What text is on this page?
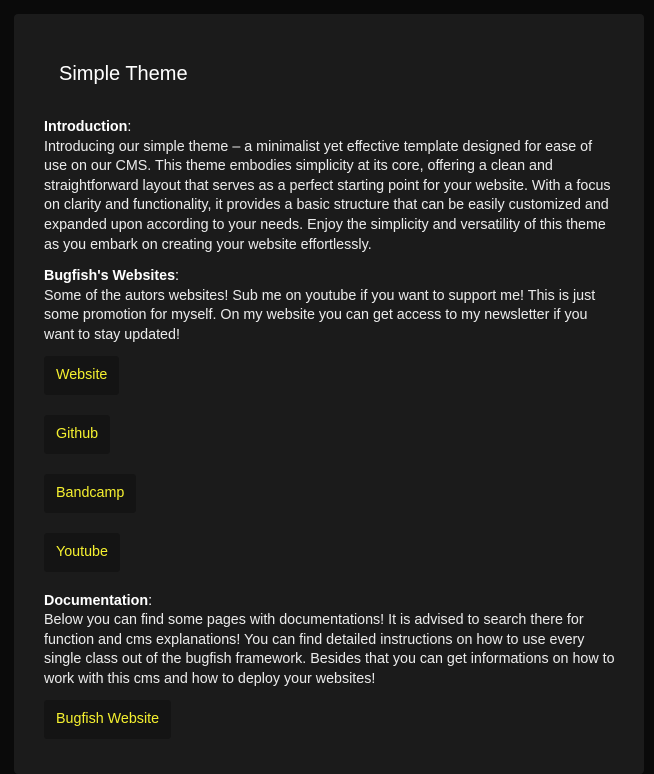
Simple Theme
Introduction:

Introducing our simple theme – a minimalist yet effective template designed for ease of use on our CMS. This theme embodies simplicity at its core, offering a clean and straightforward layout that serves as a perfect starting point for your website. With a focus on clarity and functionality, it provides a basic structure that can be easily customized and expanded upon according to your needs. Enjoy the simplicity and versatility of this theme as you embark on creating your website effortlessly.

Bugfish's Websites:

Some of the autors websites! Sub me on youtube if you want to support me! This is just some promotion for myself. On my website you can get access to my newsletter if you want to stay updated!

Website
Github
Bandcamp
Youtube
Documentation:

Below you can find some pages with documentations! It is advised to search there for function and cms explanations! You can find detailed instructions on how to use every single class out of the bugfish framework. Besides that you can get informations on how to work with this cms and how to deploy your websites!

Bugfish Website
